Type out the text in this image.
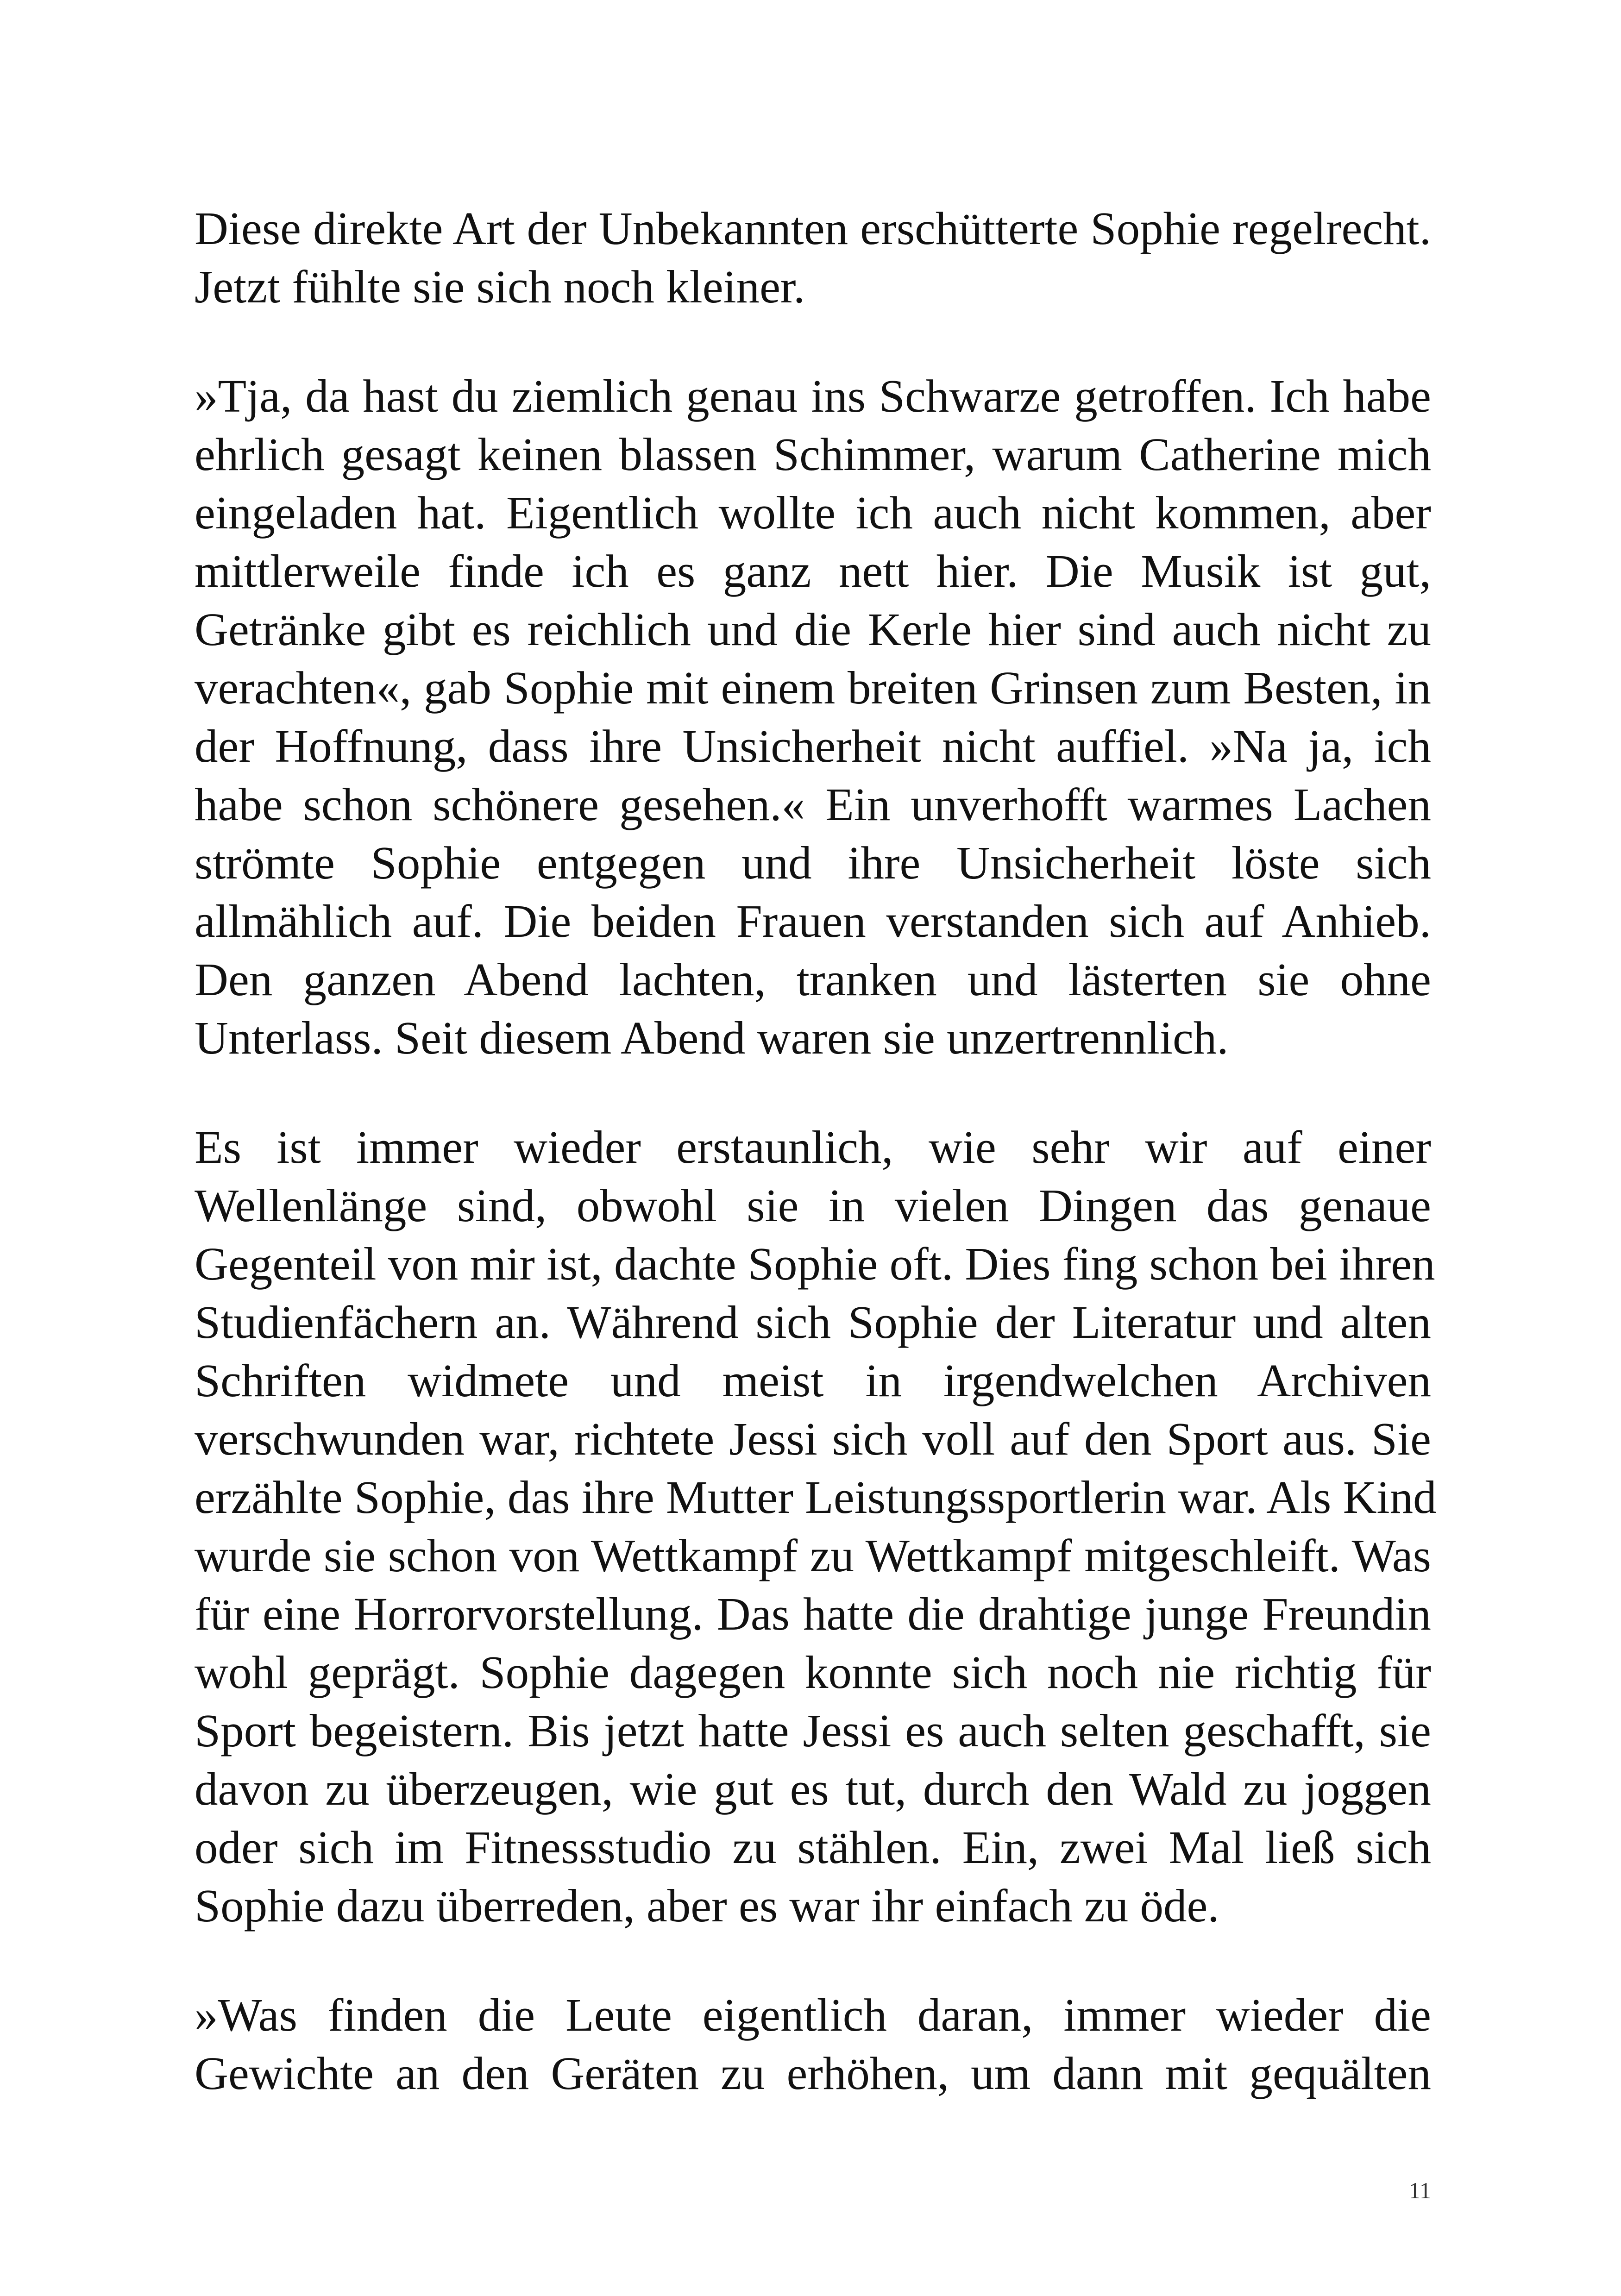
Diese direkte Art der Unbekannten erschütterte Sophie regelrecht.
Jetzt fühlte sie sich noch kleiner.

»Tja, da hast du ziemlich genau ins Schwarze getroffen. Ich habe
ehrlich gesagt keinen blassen Schimmer, warum Catherine mich
eingeladen hat. Eigentlich wollte ich auch nicht kommen, aber
mittlerweile finde ich es ganz nett hier. Die Musik ist gut,
Getränke gibt es reichlich und die Kerle hier sind auch nicht zu
verachten«, gab Sophie mit einem breiten Grinsen zum Besten, in
der Hoffnung, dass ihre Unsicherheit nicht auffiel. »Na ja, ich
habe schon schönere gesehen.« Ein unverhofft warmes Lachen
strömte Sophie entgegen und ihre Unsicherheit löste sich
allmählich auf. Die beiden Frauen verstanden sich auf Anhieb.
Den ganzen Abend lachten, tranken und lästerten sie ohne
Unterlass. Seit diesem Abend waren sie unzertrennlich.

Es ist immer wieder erstaunlich, wie sehr wir auf einer
Wellenlänge sind, obwohl sie in vielen Dingen das genaue
Gegenteil von mir ist, dachte Sophie oft. Dies fing schon bei ihren
Studienfächern an. Während sich Sophie der Literatur und alten
Schriften widmete und meist in irgendwelchen Archiven
verschwunden war, richtete Jessi sich voll auf den Sport aus. Sie
erzählte Sophie, das ihre Mutter Leistungssportlerin war. Als Kind
wurde sie schon von Wettkampf zu Wettkampf mitgeschleift. Was
für eine Horrorvorstellung. Das hatte die drahtige junge Freundin
wohl geprägt. Sophie dagegen konnte sich noch nie richtig für
Sport begeistern. Bis jetzt hatte Jessi es auch selten geschafft, sie
davon zu überzeugen, wie gut es tut, durch den Wald zu joggen
oder sich im Fitnessstudio zu stählen. Ein, zwei Mal ließ sich
Sophie dazu überreden, aber es war ihr einfach zu öde.

»Was finden die Leute eigentlich daran, immer wieder die
Gewichte an den Geräten zu erhöhen, um dann mit gequälten

11
